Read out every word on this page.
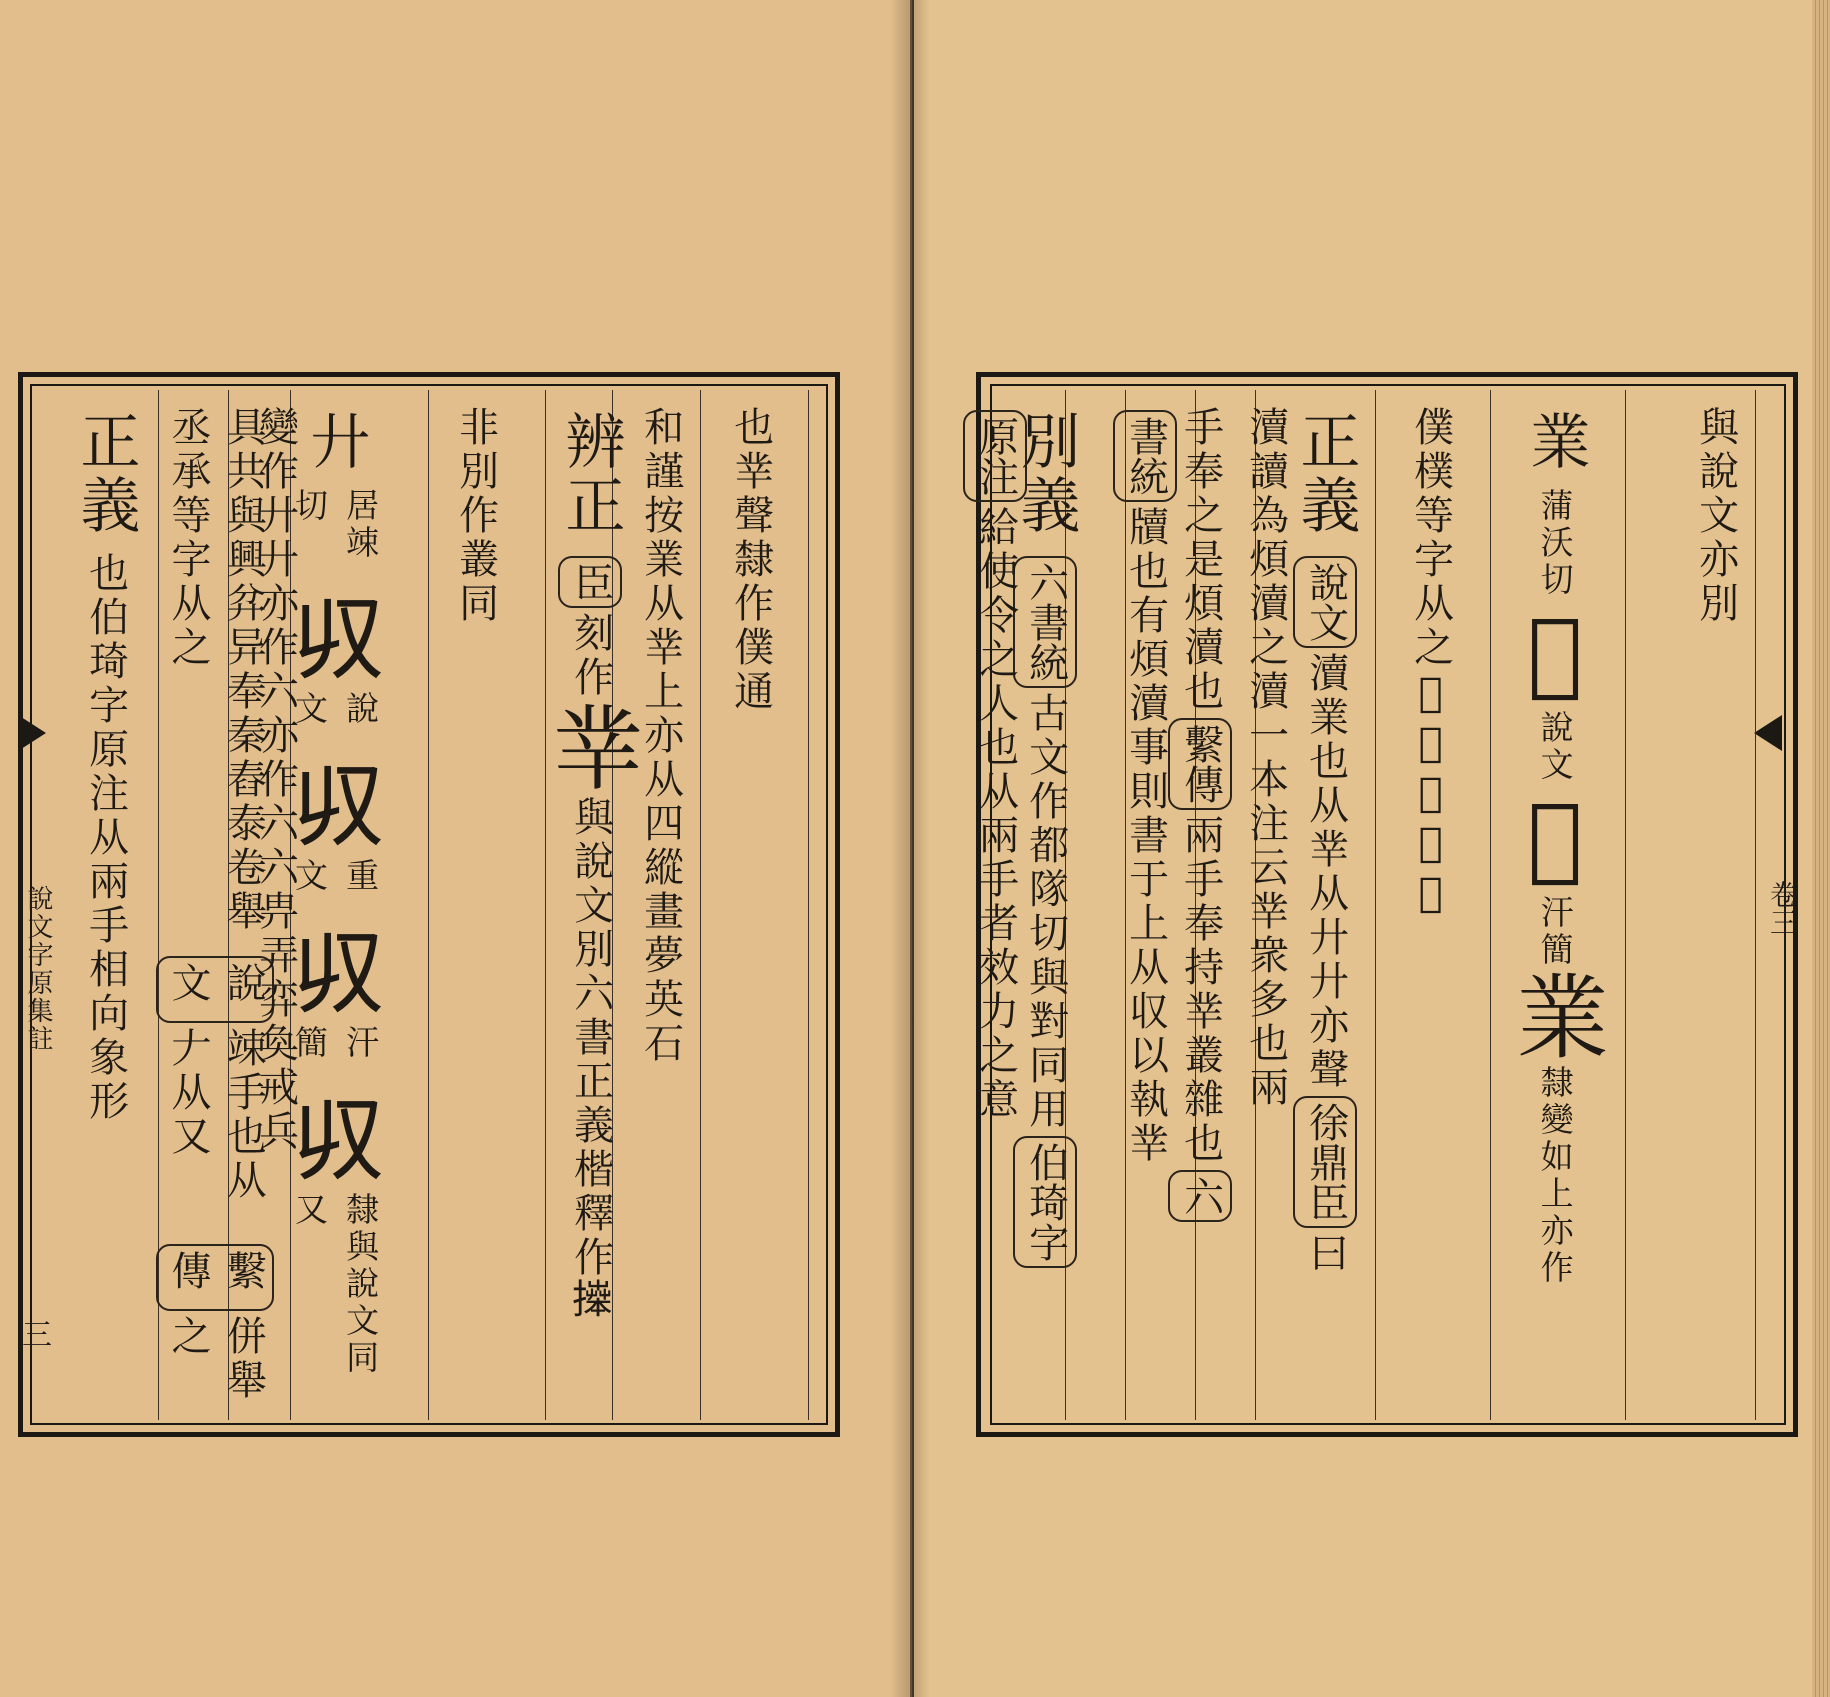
說文字原集註
三
卷三
正義
也
伯
琦字原注
从兩手相向象形
具共與興弅异奉秦舂泰卷舉丞承等字从之
說文
竦手也从𠂇从又
繫傳
併舉之
變作廾廾亦作六亦作六六
畁弄弈奐戒兵
廾
居竦切
𠬞
說文
𠬞
重文
𠬞
汗簡
𠬞
隸與說文同又
非別作叢同 辨正
臣
刻作
丵
與說文別六書正義楷釋作𢷎 和謹按業从丵上亦从四縱畫夢英石 也丵聲隸作僕通	與說文亦別
業
蒲沃切
𦍡
說文
𦍡
汗簡
業
隸變如上亦作
僕樸等字从之
𦍡𦍡省作𦍡
正義
說文
瀆業也从丵从廾廾亦聲
徐鼎臣
曰
瀆讀為煩瀆之瀆一本注云丵衆多也兩
手奉之是煩瀆也
繫傳
兩手奉持丵叢雜也
六
書統
牘也有煩瀆事則書于上从収以執丵
別義
六書統
古文作都隊切與對同用
伯琦字
原注
給使令之人也从兩手者效力之意
